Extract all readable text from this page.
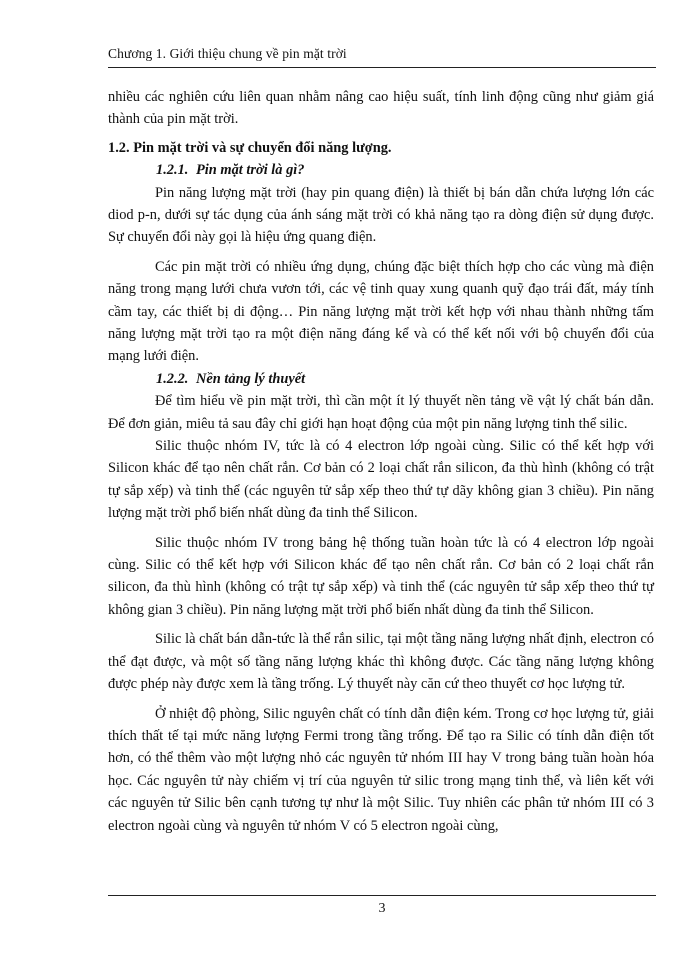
Chương 1. Giới thiệu chung về pin mặt trời

nhiều các nghiên cứu liên quan nhằm nâng cao hiệu suất, tính linh động cũng như giảm giá thành của pin mặt trời.

1.2. Pin mặt trời và sự chuyển đổi năng lượng.
1.2.1. Pin mặt trời là gì?

Pin năng lượng mặt trời (hay pin quang điện) là thiết bị bán dẫn chứa lượng lớn các diod p-n, dưới sự tác dụng của ánh sáng mặt trời có khả năng tạo ra dòng điện sử dụng được. Sự chuyển đổi này gọi là hiệu ứng quang điện.

Các pin mặt trời có nhiều ứng dụng, chúng đặc biệt thích hợp cho các vùng mà điện năng trong mạng lưới chưa vươn tới, các vệ tinh quay xung quanh quỹ đạo trái đất, máy tính cầm tay, các thiết bị di động… Pin năng lượng mặt trời kết hợp với nhau thành những tấm năng lượng mặt trời tạo ra một điện năng đáng kể và có thể kết nối với bộ chuyển đổi của mạng lưới điện.

1.2.2. Nền tảng lý thuyết

Để tìm hiểu về pin mặt trời, thì cần một ít lý thuyết nền tảng về vật lý chất bán dẫn. Để đơn giản, miêu tả sau đây chỉ giới hạn hoạt động của một pin năng lượng tinh thể silic.

Silic thuộc nhóm IV, tức là có 4 electron lớp ngoài cùng. Silic có thể kết hợp với Silicon khác để tạo nên chất rắn. Cơ bản có 2 loại chất rắn silicon, đa thù hình (không có trật tự sắp xếp) và tinh thể (các nguyên tử sắp xếp theo thứ tự dãy không gian 3 chiều). Pin năng lượng mặt trời phổ biến nhất dùng đa tinh thể Silicon.

Silic thuộc nhóm IV trong bảng hệ thống tuần hoàn tức là có 4 electron lớp ngoài cùng. Silic có thể kết hợp với Silicon khác để tạo nên chất rắn. Cơ bản có 2 loại chất rắn silicon, đa thù hình (không có trật tự sắp xếp) và tinh thể (các nguyên tử sắp xếp theo thứ tự không gian 3 chiều). Pin năng lượng mặt trời phổ biến nhất dùng đa tinh thể Silicon.

Silic là chất bán dẫn-tức là thể rắn silic, tại một tầng năng lượng nhất định, electron có thể đạt được, và một số tầng năng lượng khác thì không được. Các tầng năng lượng không được phép này được xem là tầng trống. Lý thuyết này căn cứ theo thuyết cơ học lượng tử.

Ở nhiệt độ phòng, Silic nguyên chất có tính dẫn điện kém. Trong cơ học lượng tử, giải thích thất tế tại mức năng lượng Fermi trong tầng trống. Để tạo ra Silic có tính dẫn điện tốt hơn, có thể thêm vào một lượng nhỏ các nguyên tử nhóm III hay V trong bảng tuần hoàn hóa học. Các nguyên tử này chiếm vị trí của nguyên tử silic trong mạng tinh thể, và liên kết với các nguyên tử Silic bên cạnh tương tự như là một Silic. Tuy nhiên các phân tử nhóm III có 3 electron ngoài cùng và nguyên tử nhóm V có 5 electron ngoài cùng,

3
